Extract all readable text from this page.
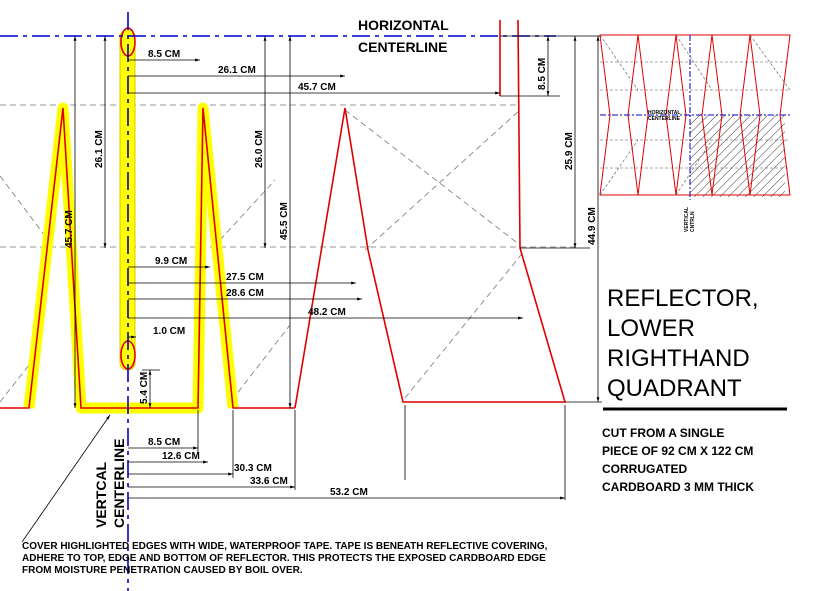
8.5 CM
26.1 CM
45.7 CM
9.9 CM
27.5 CM
28.6 CM
48.2 CM
1.0 CM
8.5 CM
12.6 CM
30.3 CM
33.6 CM
53.2 CM
45.7 CM
26.1 CM	26.0 CM
45.5 CM
5.4 CM
8.5 CM
25.9 CM
44.9 CM
HORIZONTAL
CENTERLINE
VERTCAL CENTERLINE
REFLECTOR,
LOWER
RIGHTHAND
QUADRANT
CUT FROM A SINGLE
PIECE OF 92 CM X 122 CM
CORRUGATED
CARDBOARD 3 MM THICK
COVER HIGHLIGHTED EDGES WITH WIDE, WATERPROOF TAPE. TAPE IS BENEATH REFLECTIVE COVERING,
ADHERE TO TOP, EDGE AND BOTTOM OF REFLECTOR. THIS PROTECTS THE EXPOSED CARDBOARD EDGE
FROM MOISTURE PENETRATION CAUSED BY BOIL OVER.
HORIZONTAL
CENTERLINE
VERTICAL CNTRLN
